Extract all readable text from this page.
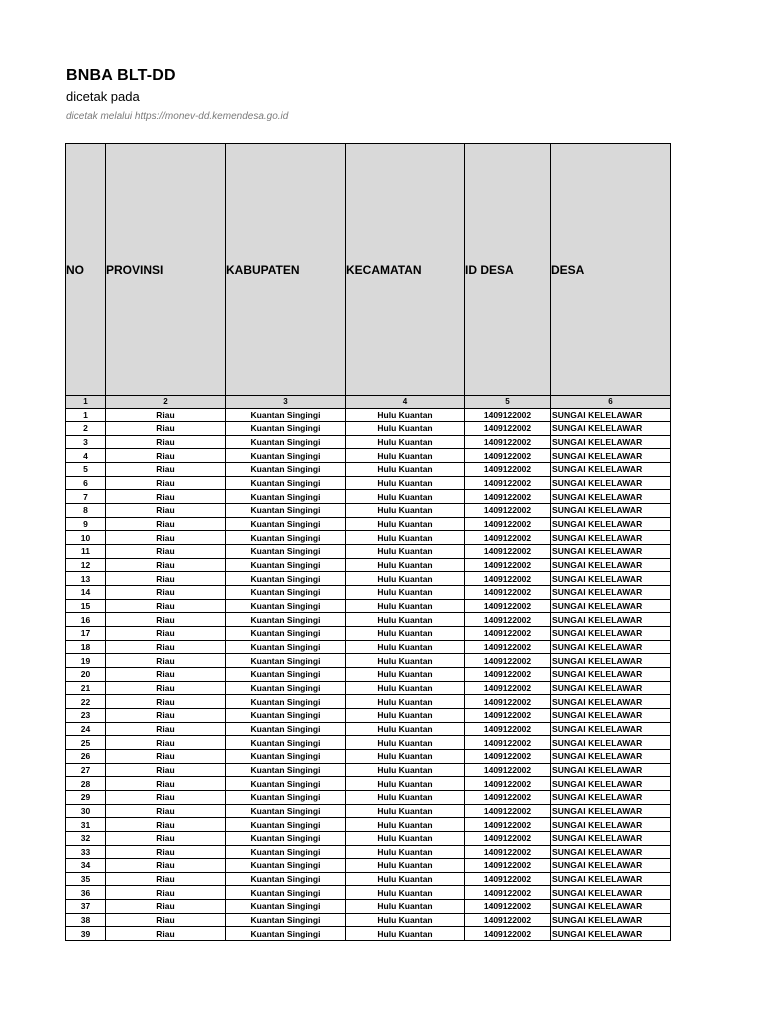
BNBA BLT-DD
dicetak pada
dicetak melalui https://monev-dd.kemendesa.go.id
NO	PROVINSI	KABUPATEN	KECAMATAN	ID DESA	DESA
1	2	3	4	5	6
1	Riau	Kuantan Singingi	Hulu Kuantan	1409122002	SUNGAI KELELAWAR
2	Riau	Kuantan Singingi	Hulu Kuantan	1409122002	SUNGAI KELELAWAR
3	Riau	Kuantan Singingi	Hulu Kuantan	1409122002	SUNGAI KELELAWAR
4	Riau	Kuantan Singingi	Hulu Kuantan	1409122002	SUNGAI KELELAWAR
5	Riau	Kuantan Singingi	Hulu Kuantan	1409122002	SUNGAI KELELAWAR
6	Riau	Kuantan Singingi	Hulu Kuantan	1409122002	SUNGAI KELELAWAR
7	Riau	Kuantan Singingi	Hulu Kuantan	1409122002	SUNGAI KELELAWAR
8	Riau	Kuantan Singingi	Hulu Kuantan	1409122002	SUNGAI KELELAWAR
9	Riau	Kuantan Singingi	Hulu Kuantan	1409122002	SUNGAI KELELAWAR
10	Riau	Kuantan Singingi	Hulu Kuantan	1409122002	SUNGAI KELELAWAR
11	Riau	Kuantan Singingi	Hulu Kuantan	1409122002	SUNGAI KELELAWAR
12	Riau	Kuantan Singingi	Hulu Kuantan	1409122002	SUNGAI KELELAWAR
13	Riau	Kuantan Singingi	Hulu Kuantan	1409122002	SUNGAI KELELAWAR
14	Riau	Kuantan Singingi	Hulu Kuantan	1409122002	SUNGAI KELELAWAR
15	Riau	Kuantan Singingi	Hulu Kuantan	1409122002	SUNGAI KELELAWAR
16	Riau	Kuantan Singingi	Hulu Kuantan	1409122002	SUNGAI KELELAWAR
17	Riau	Kuantan Singingi	Hulu Kuantan	1409122002	SUNGAI KELELAWAR
18	Riau	Kuantan Singingi	Hulu Kuantan	1409122002	SUNGAI KELELAWAR
19	Riau	Kuantan Singingi	Hulu Kuantan	1409122002	SUNGAI KELELAWAR
20	Riau	Kuantan Singingi	Hulu Kuantan	1409122002	SUNGAI KELELAWAR
21	Riau	Kuantan Singingi	Hulu Kuantan	1409122002	SUNGAI KELELAWAR
22	Riau	Kuantan Singingi	Hulu Kuantan	1409122002	SUNGAI KELELAWAR
23	Riau	Kuantan Singingi	Hulu Kuantan	1409122002	SUNGAI KELELAWAR
24	Riau	Kuantan Singingi	Hulu Kuantan	1409122002	SUNGAI KELELAWAR
25	Riau	Kuantan Singingi	Hulu Kuantan	1409122002	SUNGAI KELELAWAR
26	Riau	Kuantan Singingi	Hulu Kuantan	1409122002	SUNGAI KELELAWAR
27	Riau	Kuantan Singingi	Hulu Kuantan	1409122002	SUNGAI KELELAWAR
28	Riau	Kuantan Singingi	Hulu Kuantan	1409122002	SUNGAI KELELAWAR
29	Riau	Kuantan Singingi	Hulu Kuantan	1409122002	SUNGAI KELELAWAR
30	Riau	Kuantan Singingi	Hulu Kuantan	1409122002	SUNGAI KELELAWAR
31	Riau	Kuantan Singingi	Hulu Kuantan	1409122002	SUNGAI KELELAWAR
32	Riau	Kuantan Singingi	Hulu Kuantan	1409122002	SUNGAI KELELAWAR
33	Riau	Kuantan Singingi	Hulu Kuantan	1409122002	SUNGAI KELELAWAR
34	Riau	Kuantan Singingi	Hulu Kuantan	1409122002	SUNGAI KELELAWAR
35	Riau	Kuantan Singingi	Hulu Kuantan	1409122002	SUNGAI KELELAWAR
36	Riau	Kuantan Singingi	Hulu Kuantan	1409122002	SUNGAI KELELAWAR
37	Riau	Kuantan Singingi	Hulu Kuantan	1409122002	SUNGAI KELELAWAR
38	Riau	Kuantan Singingi	Hulu Kuantan	1409122002	SUNGAI KELELAWAR
39	Riau	Kuantan Singingi	Hulu Kuantan	1409122002	SUNGAI KELELAWAR
